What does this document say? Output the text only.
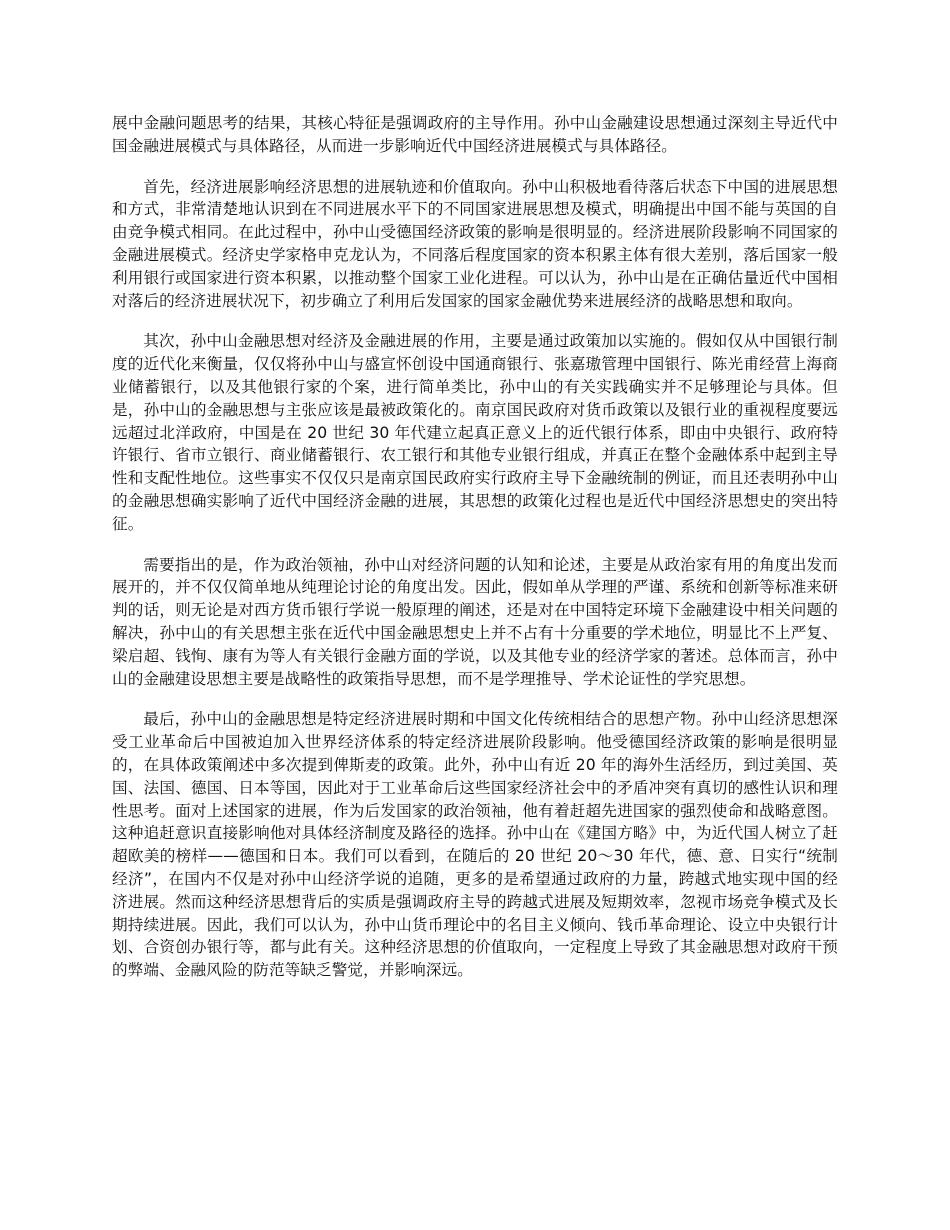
展中金融问题思考的结果，其核心特征是强调政府的主导作用。孙中山金融建设思想通过深刻主导近代中国金融进展模式与具体路径，从而进一步影响近代中国经济进展模式与具体路径。

首先，经济进展影响经济思想的进展轨迹和价值取向。孙中山积极地看待落后状态下中国的进展思想和方式，非常清楚地认识到在不同进展水平下的不同国家进展思想及模式，明确提出中国不能与英国的自由竞争模式相同。在此过程中，孙中山受德国经济政策的影响是很明显的。经济进展阶段影响不同国家的金融进展模式。经济史学家格申克龙认为，不同落后程度国家的资本积累主体有很大差别，落后国家一般利用银行或国家进行资本积累，以推动整个国家工业化进程。可以认为，孙中山是在正确估量近代中国相对落后的经济进展状况下，初步确立了利用后发国家的国家金融优势来进展经济的战略思想和取向。

其次，孙中山金融思想对经济及金融进展的作用，主要是通过政策加以实施的。假如仅从中国银行制度的近代化来衡量，仅仅将孙中山与盛宣怀创设中国通商银行、张嘉璈管理中国银行、陈光甫经营上海商业储蓄银行，以及其他银行家的个案，进行简单类比，孙中山的有关实践确实并不足够理论与具体。但是，孙中山的金融思想与主张应该是最被政策化的。南京国民政府对货币政策以及银行业的重视程度要远远超过北洋政府，中国是在 20 世纪 30 年代建立起真正意义上的近代银行体系，即由中央银行、政府特许银行、省市立银行、商业储蓄银行、农工银行和其他专业银行组成，并真正在整个金融体系中起到主导性和支配性地位。这些事实不仅仅只是南京国民政府实行政府主导下金融统制的例证，而且还表明孙中山的金融思想确实影响了近代中国经济金融的进展，其思想的政策化过程也是近代中国经济思想史的突出特征。

需要指出的是，作为政治领袖，孙中山对经济问题的认知和论述，主要是从政治家有用的角度出发而展开的，并不仅仅简单地从纯理论讨论的角度出发。因此，假如单从学理的严谨、系统和创新等标准来研判的话，则无论是对西方货币银行学说一般原理的阐述，还是对在中国特定环境下金融建设中相关问题的解决，孙中山的有关思想主张在近代中国金融思想史上并不占有十分重要的学术地位，明显比不上严复、梁启超、钱恂、康有为等人有关银行金融方面的学说，以及其他专业的经济学家的著述。总体而言，孙中山的金融建设思想主要是战略性的政策指导思想，而不是学理推导、学术论证性的学究思想。

最后，孙中山的金融思想是特定经济进展时期和中国文化传统相结合的思想产物。孙中山经济思想深受工业革命后中国被迫加入世界经济体系的特定经济进展阶段影响。他受德国经济政策的影响是很明显的，在具体政策阐述中多次提到俾斯麦的政策。此外，孙中山有近 20 年的海外生活经历，到过美国、英国、法国、德国、日本等国，因此对于工业革命后这些国家经济社会中的矛盾冲突有真切的感性认识和理性思考。面对上述国家的进展，作为后发国家的政治领袖，他有着赶超先进国家的强烈使命和战略意图。这种追赶意识直接影响他对具体经济制度及路径的选择。孙中山在《建国方略》中，为近代国人树立了赶超欧美的榜样——德国和日本。我们可以看到，在随后的 20 世纪 20～30 年代，德、意、日实行“统制经济”，在国内不仅是对孙中山经济学说的追随，更多的是希望通过政府的力量，跨越式地实现中国的经济进展。然而这种经济思想背后的实质是强调政府主导的跨越式进展及短期效率，忽视市场竞争模式及长期持续进展。因此，我们可以认为，孙中山货币理论中的名目主义倾向、钱币革命理论、设立中央银行计划、合资创办银行等，都与此有关。这种经济思想的价值取向，一定程度上导致了其金融思想对政府干预的弊端、金融风险的防范等缺乏警觉，并影响深远。
